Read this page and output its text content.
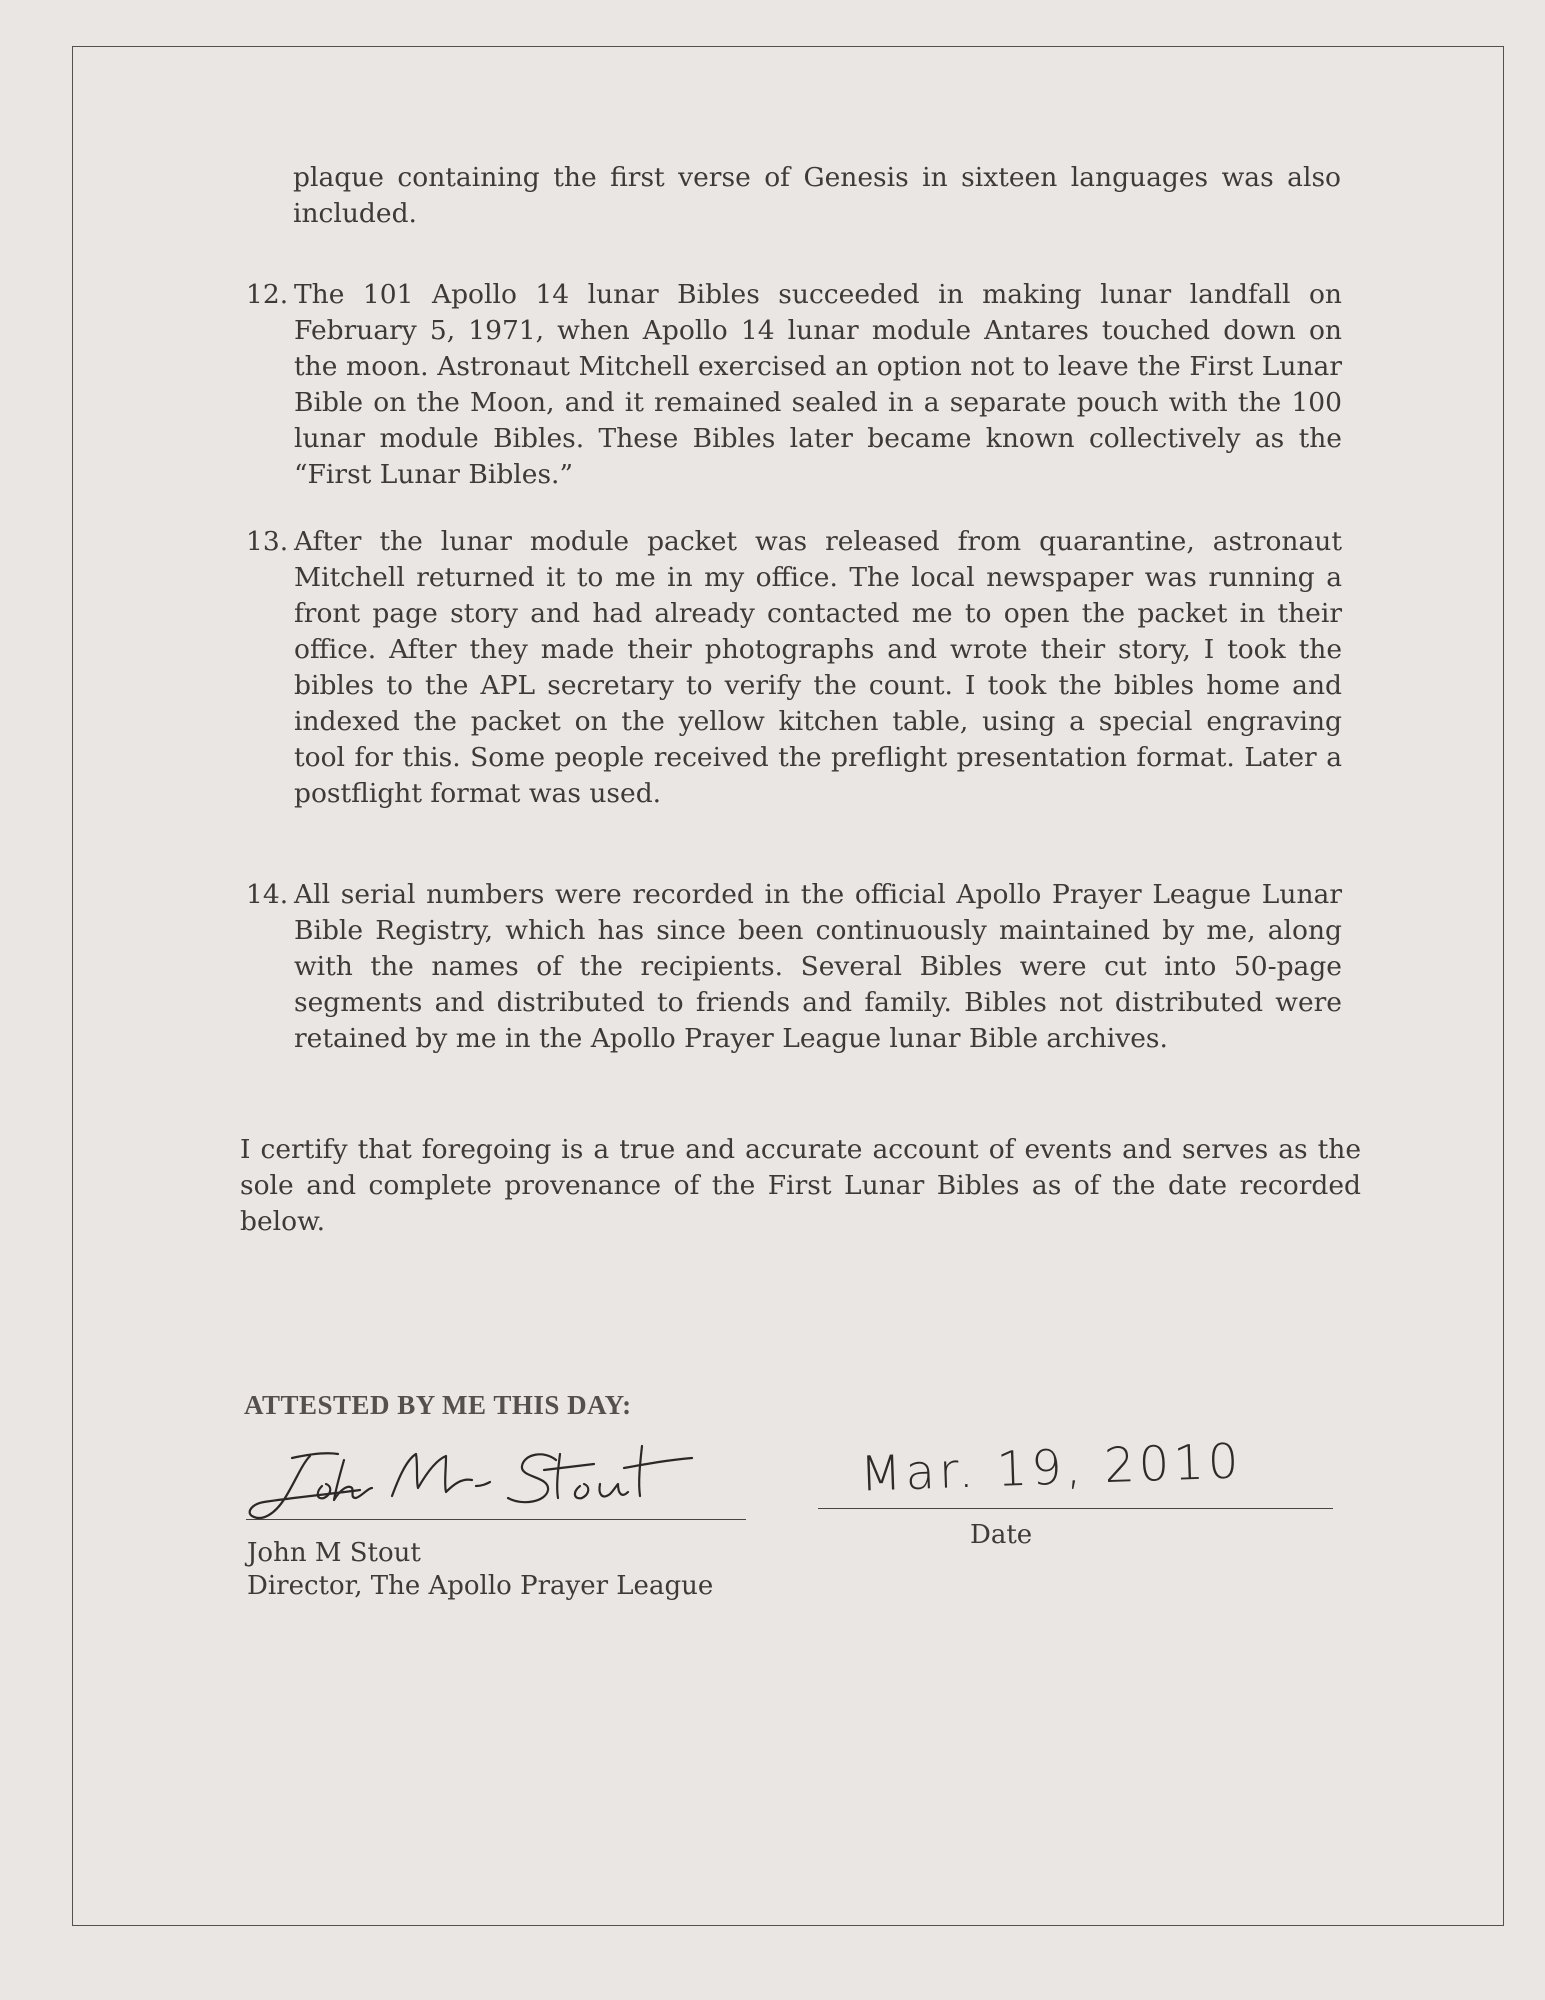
plaque containing the first verse of Genesis in sixteen languages was also included.

12. The 101 Apollo 14 lunar Bibles succeeded in making lunar landfall on February 5, 1971, when Apollo 14 lunar module Antares touched down on the moon. Astronaut Mitchell exercised an option not to leave the First Lunar Bible on the Moon, and it remained sealed in a separate pouch with the 100 lunar module Bibles. These Bibles later became known collectively as the “First Lunar Bibles.”

13. After the lunar module packet was released from quarantine, astronaut Mitchell returned it to me in my office. The local newspaper was running a front page story and had already contacted me to open the packet in their office. After they made their photographs and wrote their story, I took the bibles to the APL secretary to verify the count. I took the bibles home and indexed the packet on the yellow kitchen table, using a special engraving tool for this. Some people received the preflight presentation format. Later a postflight format was used.

14. All serial numbers were recorded in the official Apollo Prayer League Lunar Bible Registry, which has since been continuously maintained by me, along with the names of the recipients. Several Bibles were cut into 50-page segments and distributed to friends and family. Bibles not distributed were retained by me in the Apollo Prayer League lunar Bible archives.

I certify that foregoing is a true and accurate account of events and serves as the sole and complete provenance of the First Lunar Bibles as of the date recorded below.

ATTESTED BY ME THIS DAY:
Mar. 19, 2010
Date
John M Stout
Director, The Apollo Prayer League
